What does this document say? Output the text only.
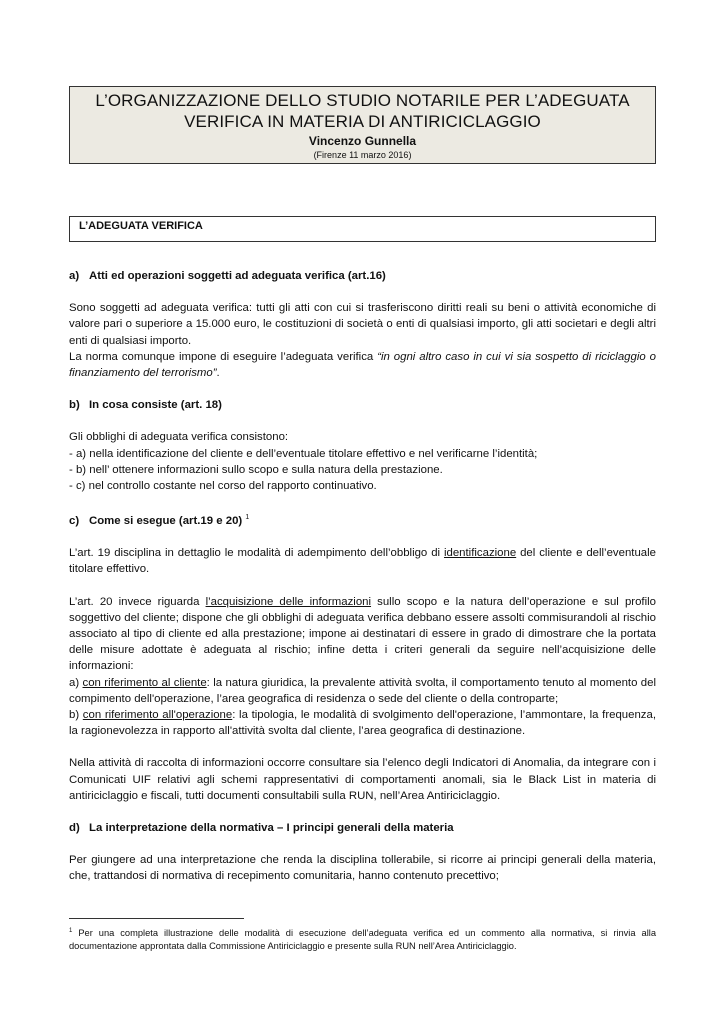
L’ORGANIZZAZIONE DELLO STUDIO NOTARILE PER L’ADEGUATA
VERIFICA IN MATERIA DI ANTIRICICLAGGIO
Vincenzo Gunnella
(Firenze 11 marzo 2016)
L’ADEGUATA VERIFICA

a) Atti ed operazioni soggetti ad adeguata verifica (art.16)

Sono soggetti ad adeguata verifica: tutti gli atti con cui si trasferiscono diritti reali su beni o attività economiche di valore pari o superiore a 15.000 euro, le costituzioni di società o enti di qualsiasi importo, gli atti societari e degli altri enti di qualsiasi importo.

La norma comunque impone di eseguire l’adeguata verifica “in ogni altro caso in cui vi sia sospetto di riciclaggio o finanziamento del terrorismo”.

b) In cosa consiste (art. 18)

Gli obblighi di adeguata verifica consistono:

- a) nella identificazione del cliente e dell’eventuale titolare effettivo e nel verificarne l’identità;

- b) nell’ ottenere informazioni sullo scopo e sulla natura della prestazione.

- c) nel controllo costante nel corso del rapporto continuativo.

c) Come si esegue (art.19 e 20) $^1$

L’art. 19 disciplina in dettaglio le modalità di adempimento dell’obbligo di identificazione del cliente e dell’eventuale titolare effettivo.

L’art. 20 invece riguarda l’acquisizione delle informazioni sullo scopo e la natura dell’operazione e sul profilo soggettivo del cliente; dispone che gli obblighi di adeguata verifica debbano essere assolti commisurandoli al rischio associato al tipo di cliente ed alla prestazione; impone ai destinatari di essere in grado di dimostrare che la portata delle misure adottate è adeguata al rischio; infine detta i criteri generali da seguire nell’acquisizione delle informazioni:

a) con riferimento al cliente: la natura giuridica, la prevalente attività svolta, il comportamento tenuto al momento del compimento dell'operazione, l’area geografica di residenza o sede del cliente o della controparte;

b) con riferimento all'operazione: la tipologia, le modalità di svolgimento dell'operazione, l’ammontare, la frequenza, la ragionevolezza in rapporto all'attività svolta dal cliente, l’area geografica di destinazione.

Nella attività di raccolta di informazioni occorre consultare sia l’elenco degli Indicatori di Anomalia, da integrare con i Comunicati UIF relativi agli schemi rappresentativi di comportamenti anomali, sia le Black List in materia di antiriciclaggio e fiscali, tutti documenti consultabili sulla RUN, nell’Area Antiriciclaggio.

d) La interpretazione della normativa – I principi generali della materia

Per giungere ad una interpretazione che renda la disciplina tollerabile, si ricorre ai principi generali della materia, che, trattandosi di normativa di recepimento comunitaria, hanno contenuto precettivo;

$^1$ Per una completa illustrazione delle modalità di esecuzione dell’adeguata verifica ed un commento alla normativa, si rinvia alla documentazione approntata dalla Commissione Antiriciclaggio e presente sulla RUN nell’Area Antiriciclaggio.
